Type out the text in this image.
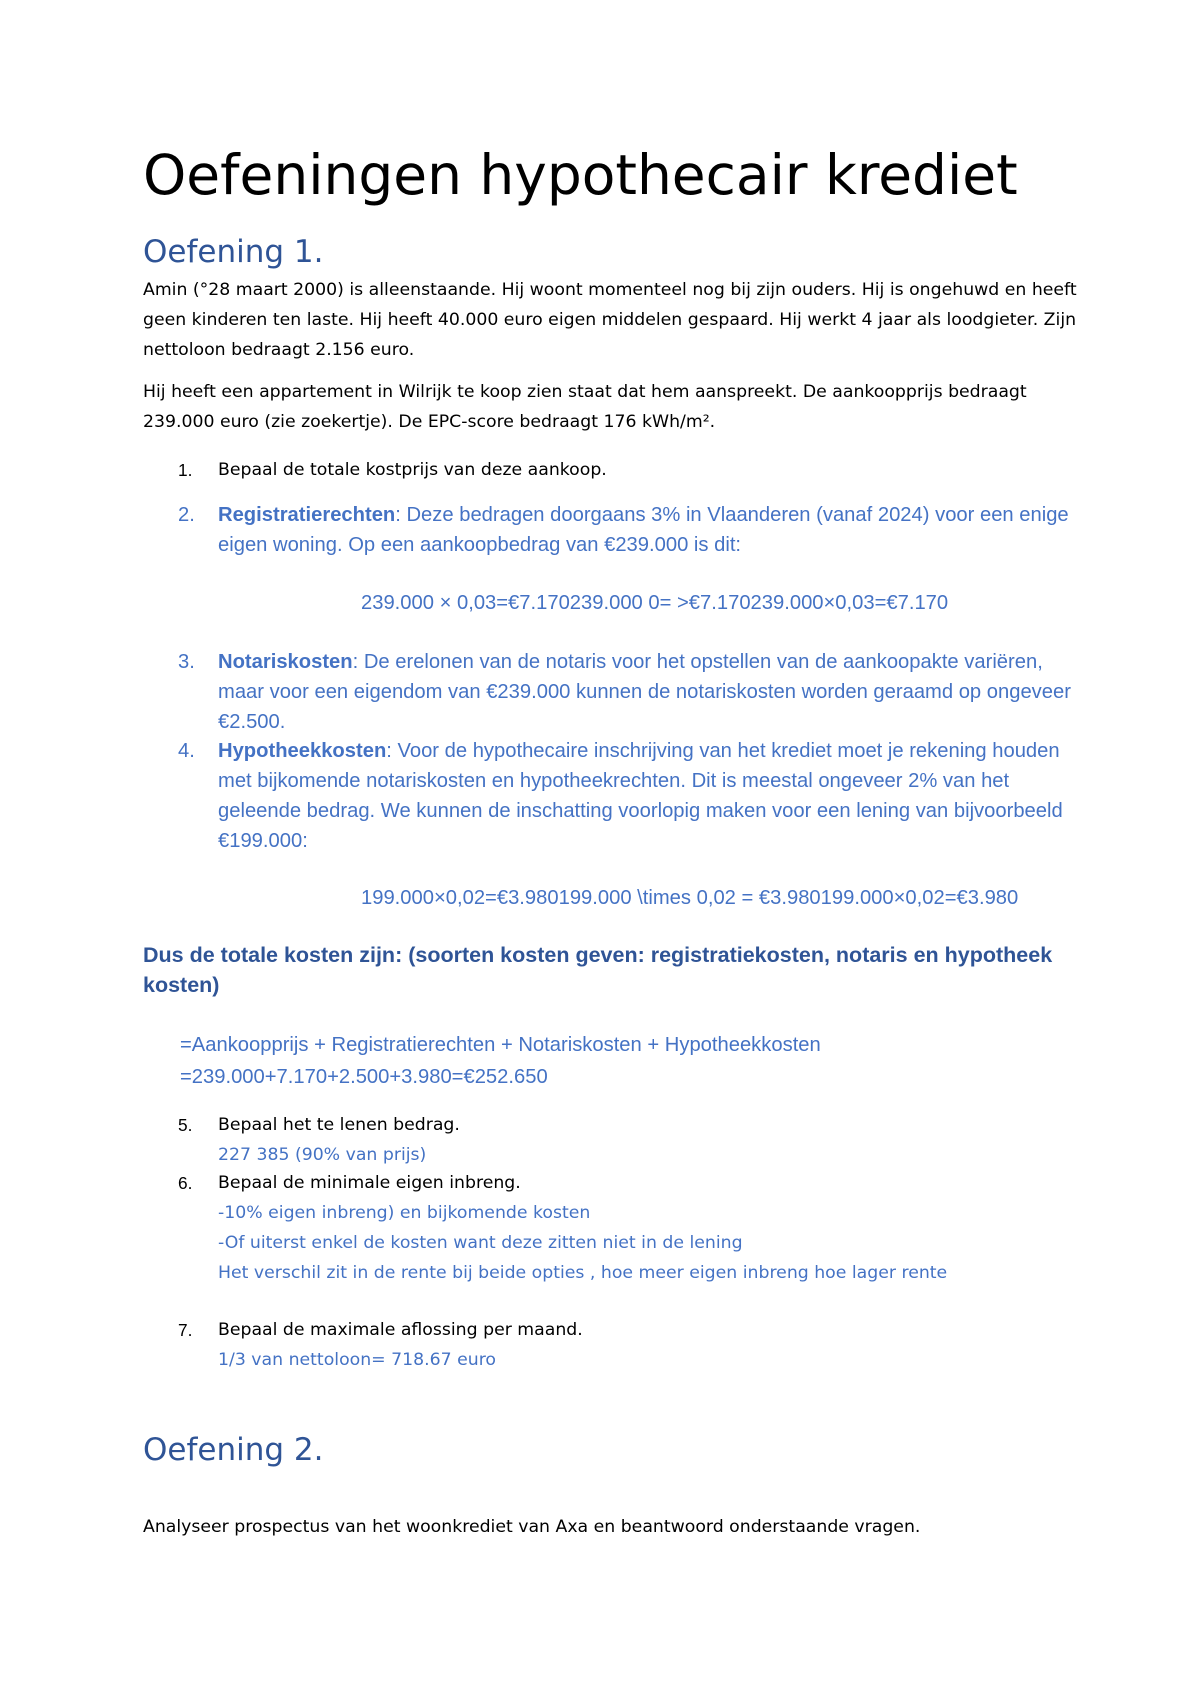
Oefeningen hypothecair krediet
Oefening 1.

Amin (°28 maart 2000) is alleenstaande. Hij woont momenteel nog bij zijn ouders. Hij is ongehuwd en heeft geen kinderen ten laste. Hij heeft 40.000 euro eigen middelen gespaard. Hij werkt 4 jaar als loodgieter. Zijn nettoloon bedraagt 2.156 euro.

Hij heeft een appartement in Wilrijk te koop zien staat dat hem aanspreekt. De aankoopprijs bedraagt 239.000 euro (zie zoekertje). De EPC-score bedraagt 176 kWh/m².

1. Bepaal de totale kostprijs van deze aankoop.
2. Registratierechten: Deze bedragen doorgaans 3% in Vlaanderen (vanaf 2024) voor een enige eigen woning. Op een aankoopbedrag van €239.000 is dit:
239.000 × 0,03=€7.170239.000 0= >€7.170239.000×0,03=€7.170
3. Notariskosten: De erelonen van de notaris voor het opstellen van de aankoopakte variëren, maar voor een eigendom van €239.000 kunnen de notariskosten worden geraamd op ongeveer €2.500.
4. Hypotheekkosten: Voor de hypothecaire inschrijving van het krediet moet je rekening houden met bijkomende notariskosten en hypotheekrechten. Dit is meestal ongeveer 2% van het geleende bedrag. We kunnen de inschatting voorlopig maken voor een lening van bijvoorbeeld €199.000:
199.000×0,02=€3.980199.000 \times 0,02 = €3.980199.000×0,02=€3.980
Dus de totale kosten zijn: (soorten kosten geven: registratiekosten, notaris en hypotheek kosten)
=Aankoopprijs + Registratierechten + Notariskosten + Hypotheekkosten
=239.000+7.170+2.500+3.980=€252.650
5. Bepaal het te lenen bedrag.
227 385 (90% van prijs)
6. Bepaal de minimale eigen inbreng.
-10% eigen inbreng) en bijkomende kosten
-Of uiterst enkel de kosten want deze zitten niet in de lening
Het verschil zit in de rente bij beide opties , hoe meer eigen inbreng hoe lager rente
7. Bepaal de maximale aflossing per maand.
1/3 van nettoloon= 718.67 euro
Oefening 2.

Analyseer prospectus van het woonkrediet van Axa en beantwoord onderstaande vragen.
